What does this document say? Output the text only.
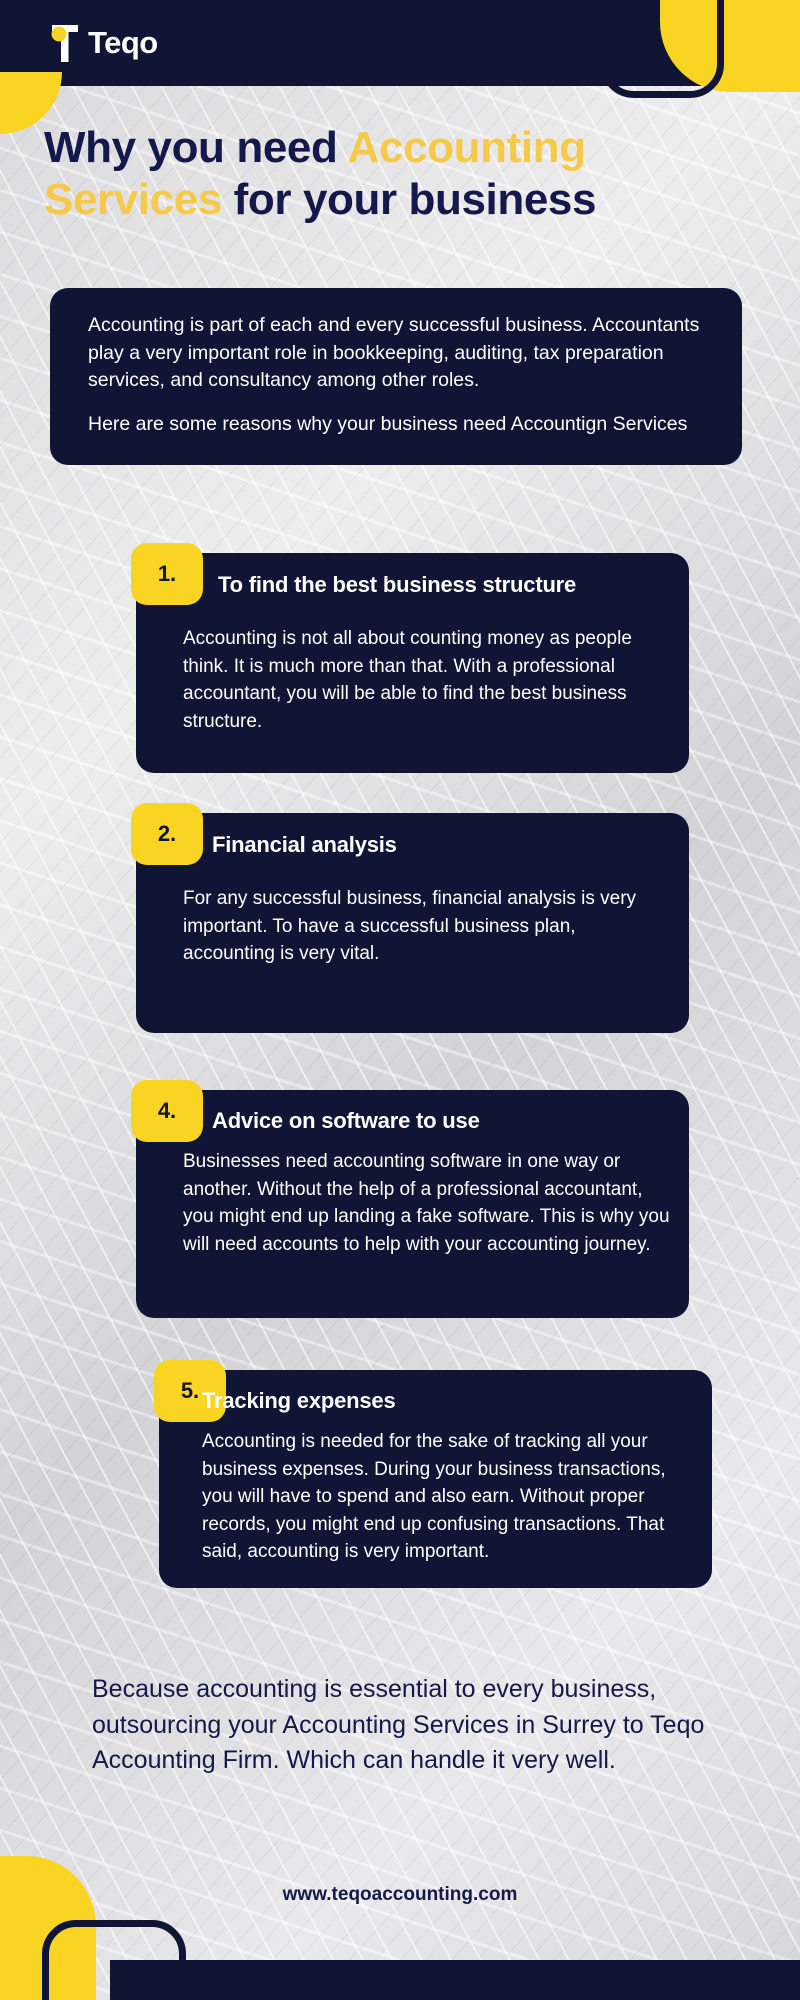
Teqo
Why you need Accounting
Services for your business

Accounting is part of each and every successful business. Accountants play a very important role in bookkeeping, auditing, tax preparation services, and consultancy among other roles.

Here are some reasons why your business need Accountign Services

1.	To find the best business structure
Accounting is not all about counting money as people think. It is much more than that. With a professional accountant, you will be able to find the best business structure.
2.	Financial analysis
For any successful business, financial analysis is very important. To have a successful business plan, accounting is very vital.
4.	Advice on software to use
Businesses need accounting software in one way or another. Without the help of a professional accountant, you might end up landing a fake software. This is why you will need accounts to help with your accounting journey.
5. Tracking expenses
Accounting is needed for the sake of tracking all your business expenses. During your business transactions, you will have to spend and also earn. Without proper records, you might end up confusing transactions. That said, accounting is very important.
Because accounting is essential to every business, outsourcing your Accounting Services in Surrey to Teqo Accounting Firm. Which can handle it very well.
www.teqoaccounting.com
